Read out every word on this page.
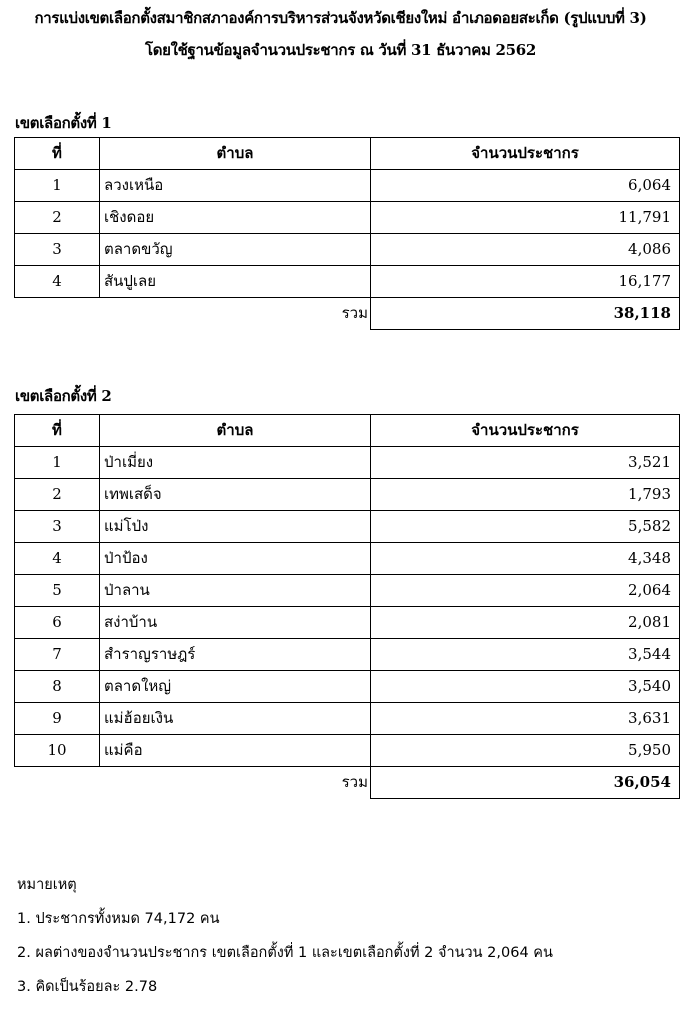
การแบ่งเขตเลือกตั้งสมาชิกสภาองค์การบริหารส่วนจังหวัดเชียงใหม่ อำเภอดอยสะเก็ด (รูปแบบที่ 3)
โดยใช้ฐานข้อมูลจำนวนประชากร ณ วันที่ 31 ธันวาคม 2562
เขตเลือกตั้งที่ 1
ที่	ตำบล	จำนวนประชากร
1	ลวงเหนือ	6,064
2	เชิงดอย	11,791
3	ตลาดขวัญ	4,086
4	สันปูเลย	16,177
รวม		38,118
เขตเลือกตั้งที่ 2
ที่	ตำบล	จำนวนประชากร
1	ป่าเมี่ยง	3,521
2	เทพเสด็จ	1,793
3	แม่โป่ง	5,582
4	ป่าป้อง	4,348
5	ป่าลาน	2,064
6	สง่าบ้าน	2,081
7	สำราญราษฎร์	3,544
8	ตลาดใหญ่	3,540
9	แม่ฮ้อยเงิน	3,631
10	แม่คือ	5,950
รวม		36,054
หมายเหตุ
1. ประชากรทั้งหมด 74,172 คน
2. ผลต่างของจำนวนประชากร เขตเลือกตั้งที่ 1 และเขตเลือกตั้งที่ 2 จำนวน 2,064 คน
3. คิดเป็นร้อยละ 2.78
